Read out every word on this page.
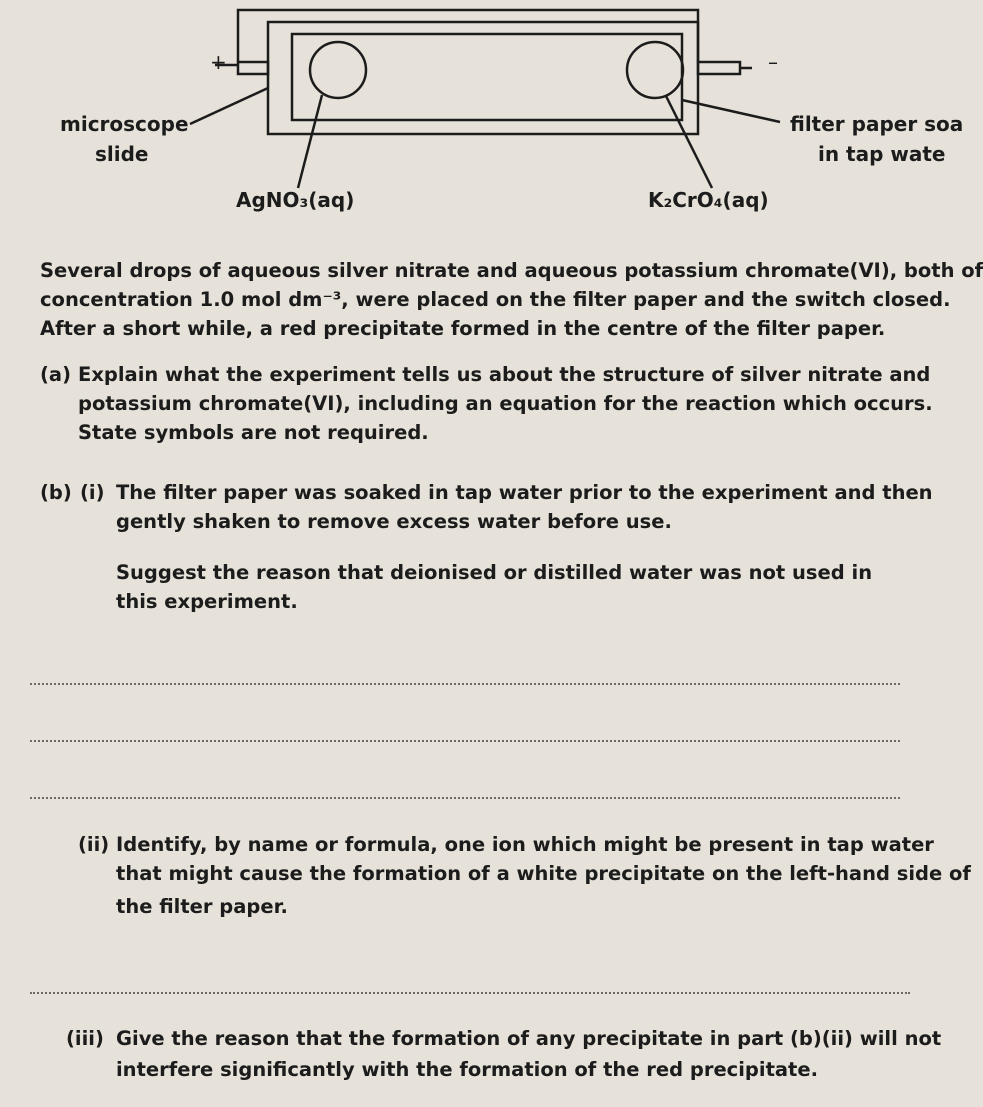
+	–
microscope
slide
filter paper soa
in tap wate
AgNO₃(aq)	K₂CrO₄(aq)
Several drops of aqueous silver nitrate and aqueous potassium chromate(VI), both of
concentration 1.0 mol dm⁻³, were placed on the filter paper and the switch closed.
After a short while, a red precipitate formed in the centre of the filter paper.
(a) Explain what the experiment tells us about the structure of silver nitrate and
potassium chromate(VI), including an equation for the reaction which occurs.
State symbols are not required.
(b) (i) The filter paper was soaked in tap water prior to the experiment and then
gently shaken to remove excess water before use.
Suggest the reason that deionised or distilled water was not used in
this experiment.
(ii) Identify, by name or formula, one ion which might be present in tap water
that might cause the formation of a white precipitate on the left-hand side of
the filter paper.
(iii) Give the reason that the formation of any precipitate in part (b)(ii) will not
interfere significantly with the formation of the red precipitate.
